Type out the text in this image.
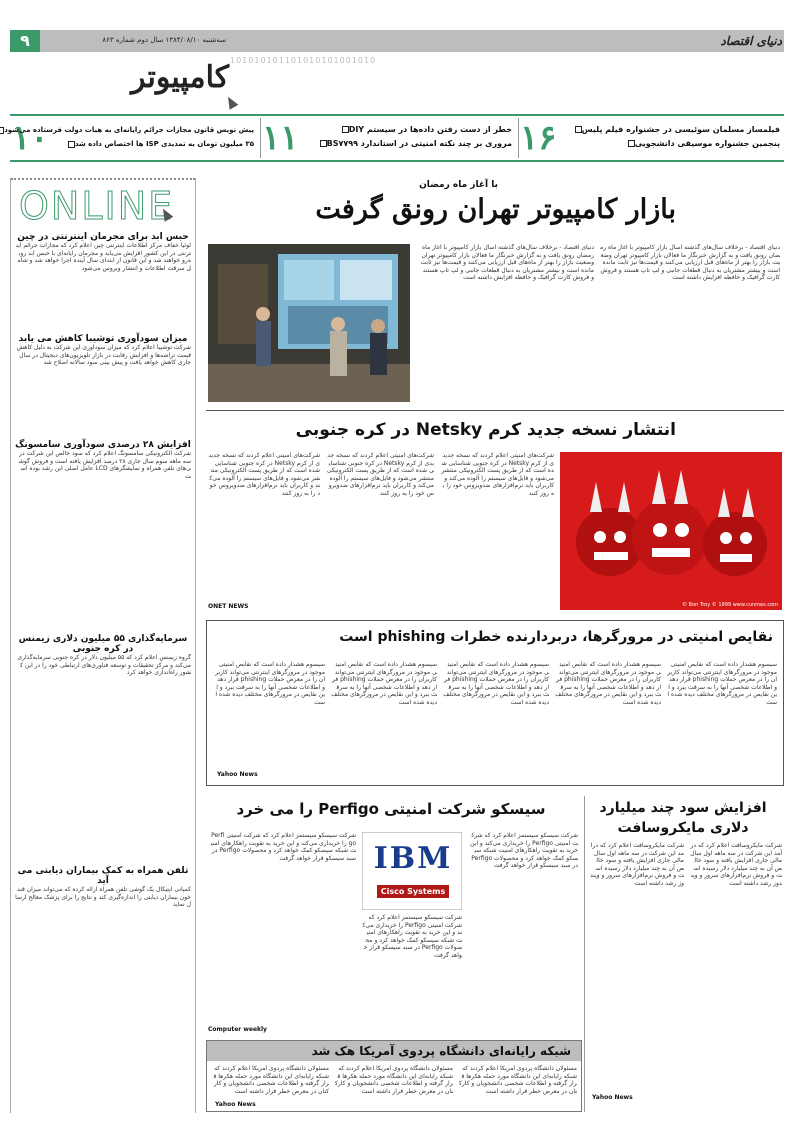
۹	سه‌شنبه ۱۳۸۴/۰۸/۱۰ سال دوم شماره ۸۶۳	دنیای اقتصاد
101010101101010101001010
کامپیوتر
۱۶	فیلمساز مسلمان سوئیسی در جشنواره فیلم پلیس
پنجمین جشنواره موسیقی دانشجویی
۱۱	خطر از دست رفتن داده‌ها در سیستم DIY
مروری بر چند نکته امنیتی در استاندارد BS۷۷۹۹
۱۰
پیش نویس قانون مجازات جرائم رایانه‌ای به هیات دولت فرستاده می‌شود
۳۵ میلیون تومان به تمدیدی ISP ها اختصاص داده شد
ONLINE
حبس ابد برای مجرمان اینترنتی در چین
لوئیا خفاف مرکز اطلاعات اینترنتی چین اعلام کرد که مجازات جرائم اینترنتی در این کشور افزایش می‌یابد و مجرمان رایانه‌ای با حبس ابد روبه‌رو خواهند شد و این قانون از ابتدای سال آینده اجرا خواهد شد و شامل سرقت اطلاعات و انتشار ویروس می‌شود
میزان سودآوری توشیبا کاهش می یابد
شرکت توشیبا اعلام کرد که میزان سودآوری این شرکت به دلیل کاهش قیمت تراشه‌ها و افزایش رقابت در بازار تلویزیون‌های دیجیتال در سال جاری کاهش خواهد یافت و پیش بینی سود سالانه اصلاح شد
افزایش ۲۸ درصدی سودآوری سامسونگ
شرکت الکترونیکی سامسونگ اعلام کرد که سود خالص این شرکت در سه ماهه سوم سال جاری ۲۸ درصد افزایش یافته است و فروش گوشی‌های تلفن همراه و نمایشگرهای LCD عامل اصلی این رشد بوده است
سرمایه‌گذاری ۵۵ میلیون دلاری زیمنس در کره جنوبی
گروه زیمنس اعلام کرد که ۵۵ میلیون دلار در کره جنوبی سرمایه‌گذاری می‌کند و مرکز تحقیقات و توسعه فناوری‌های ارتباطی خود را در این کشور راه‌اندازی خواهد کرد
تلفن همراه به کمک بیماران دیابتی می آید
کمپانی اپتیکال یک گوشی تلفن همراه ارائه کرده که می‌تواند میزان قند خون بیماران دیابتی را اندازه‌گیری کند و نتایج را برای پزشک معالج ارسال نماید
با آغاز ماه رمضان
بازار کامپیوتر تهران رونق گرفت
دنیای اقتصاد - برخلاف سال‌های گذشته اسال بازار کامپیوتر با آغاز ماه رمضان رونق یافت و به گزارش خبرنگار ما فعالان بازار کامپیوتر تهران وضعیت بازار را بهتر از ماه‌های قبل ارزیابی می‌کنند و قیمت‌ها نیز ثابت مانده است و بیشتر مشتریان به دنبال قطعات جانبی و لپ تاپ هستند و فروش کارت گرافیک و حافظه افزایش داشته است
دنیای اقتصاد - برخلاف سال‌های گذشته اسال بازار کامپیوتر با آغاز ماه رمضان رونق یافت و به گزارش خبرنگار ما فعالان بازار کامپیوتر تهران وضعیت بازار را بهتر از ماه‌های قبل ارزیابی می‌کنند و قیمت‌ها نیز ثابت مانده است و بیشتر مشتریان به دنبال قطعات جانبی و لپ تاپ هستند و فروش کارت گرافیک و حافظه افزایش داشته است
انتشار نسخه جدید کرم Netsky در کره جنوبی
© Bon Troy © 1999 www.cunmes.com
شرکت‌های امنیتی اعلام کردند که نسخه جدیدی از کرم Netsky در کره جنوبی شناسایی شده است که از طریق پست الکترونیکی منتشر می‌شود و فایل‌های سیستم را آلوده می‌کند و کاربران باید نرم‌افزارهای ضدویروس خود را به روز کنند
شرکت‌های امنیتی اعلام کردند که نسخه جدیدی از کرم Netsky در کره جنوبی شناسایی شده است که از طریق پست الکترونیکی منتشر می‌شود و فایل‌های سیستم را آلوده می‌کند و کاربران باید نرم‌افزارهای ضدویروس خود را به روز کنند
شرکت‌های امنیتی اعلام کردند که نسخه جدیدی از کرم Netsky در کره جنوبی شناسایی شده است که از طریق پست الکترونیکی منتشر می‌شود و فایل‌های سیستم را آلوده می‌کند و کاربران باید نرم‌افزارهای ضدویروس خود را به روز کنند
ONET NEWS
نقایص امنیتی در مرورگرها، دربردارنده خطرات phishing است
سیسوم هشدار داده است که نقایص امنیتی موجود در مرورگرهای اینترنتی می‌تواند کاربران را در معرض حملات phishing قرار دهد و اطلاعات شخصی آنها را به سرقت ببرد و این نقایص در مرورگرهای مختلف دیده شده است
سیسوم هشدار داده است که نقایص امنیتی موجود در مرورگرهای اینترنتی می‌تواند کاربران را در معرض حملات phishing قرار دهد و اطلاعات شخصی آنها را به سرقت ببرد و این نقایص در مرورگرهای مختلف دیده شده است
سیسوم هشدار داده است که نقایص امنیتی موجود در مرورگرهای اینترنتی می‌تواند کاربران را در معرض حملات phishing قرار دهد و اطلاعات شخصی آنها را به سرقت ببرد و این نقایص در مرورگرهای مختلف دیده شده است
سیسوم هشدار داده است که نقایص امنیتی موجود در مرورگرهای اینترنتی می‌تواند کاربران را در معرض حملات phishing قرار دهد و اطلاعات شخصی آنها را به سرقت ببرد و این نقایص در مرورگرهای مختلف دیده شده است
سیسوم هشدار داده است که نقایص امنیتی موجود در مرورگرهای اینترنتی می‌تواند کاربران را در معرض حملات phishing قرار دهد و اطلاعات شخصی آنها را به سرقت ببرد و این نقایص در مرورگرهای مختلف دیده شده است
Yahoo News
افزایش سود چند میلیارد دلاری مایکروسافت
شرکت مایکروسافت اعلام کرد که درآمد این شرکت در سه ماهه اول سال مالی جاری افزایش یافته و سود خالص آن به چند میلیارد دلار رسیده است و فروش نرم‌افزارهای سرور و ویندوز رشد داشته است
شرکت مایکروسافت اعلام کرد که درآمد این شرکت در سه ماهه اول سال مالی جاری افزایش یافته و سود خالص آن به چند میلیارد دلار رسیده است و فروش نرم‌افزارهای سرور و ویندوز رشد داشته است
Yahoo News
سیسکو شرکت امنیتی Perfigo را می خرد
IBM
Cisco Systems
شرکت سیسکو سیستمز اعلام کرد که شرکت امنیتی Perfigo را خریداری می‌کند و این خرید به تقویت راهکارهای امنیت شبکه سیسکو کمک خواهد کرد و محصولات Perfigo در سبد سیسکو قرار خواهد گرفت
شرکت سیسکو سیستمز اعلام کرد که شرکت امنیتی Perfigo را خریداری می‌کند و این خرید به تقویت راهکارهای امنیت شبکه سیسکو کمک خواهد کرد و محصولات Perfigo در سبد سیسکو قرار خواهد گرفت
شرکت سیسکو سیستمز اعلام کرد که شرکت امنیتی Perfigo را خریداری می‌کند و این خرید به تقویت راهکارهای امنیت شبکه سیسکو کمک خواهد کرد و محصولات Perfigo در سبد سیسکو قرار خواهد گرفت
Computer weekly
شبکه رایانه‌ای دانشگاه پردوی آمریکا هک شد
مسئولان دانشگاه پردوی آمریکا اعلام کردند که شبکه رایانه‌ای این دانشگاه مورد حمله هکرها قرار گرفته و اطلاعات شخصی دانشجویان و کارکنان در معرض خطر قرار داشته است
مسئولان دانشگاه پردوی آمریکا اعلام کردند که شبکه رایانه‌ای این دانشگاه مورد حمله هکرها قرار گرفته و اطلاعات شخصی دانشجویان و کارکنان در معرض خطر قرار داشته است
مسئولان دانشگاه پردوی آمریکا اعلام کردند که شبکه رایانه‌ای این دانشگاه مورد حمله هکرها قرار گرفته و اطلاعات شخصی دانشجویان و کارکنان در معرض خطر قرار داشته است
Yahoo News
